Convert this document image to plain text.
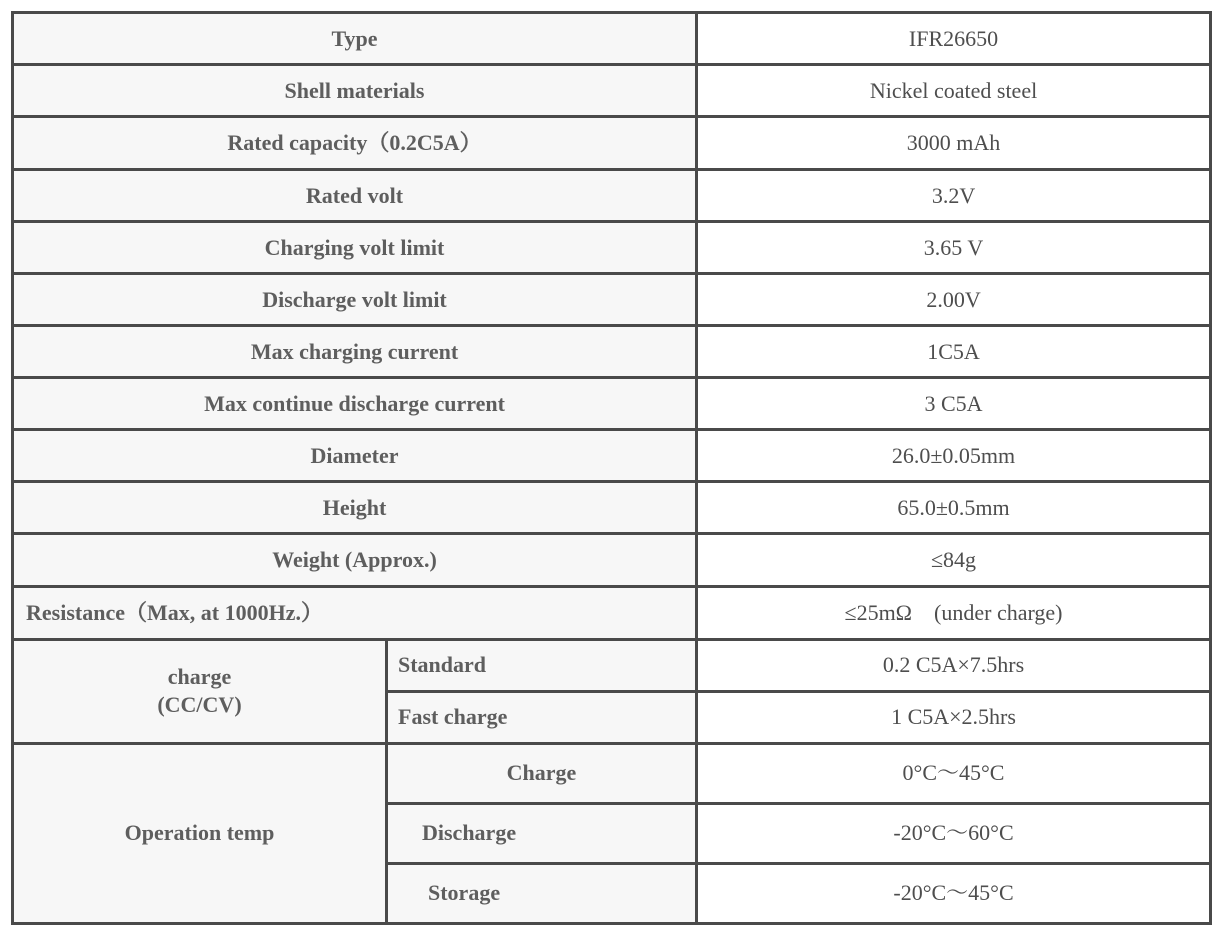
Type		IFR26650
Shell materials		Nickel coated steel
Rated capacity（0.2C5A）		3000 mAh
Rated volt		3.2V
Charging volt limit		3.65 V
Discharge volt limit		2.00V
Max charging current		1C5A
Max continue discharge current		3 C5A
Diameter		26.0±0.05mm
Height		65.0±0.5mm
Weight (Approx.)		≤84g
Resistance（Max, at 1000Hz.）		≤25mΩ　(under charge)

charge
(CC/CV)	Standard	0.2 C5A×7.5hrs
	Fast charge	1 C5A×2.5hrs
Operation temp	Charge	0°C～45°C
	Discharge	-20°C～60°C
	Storage	-20°C～45°C
